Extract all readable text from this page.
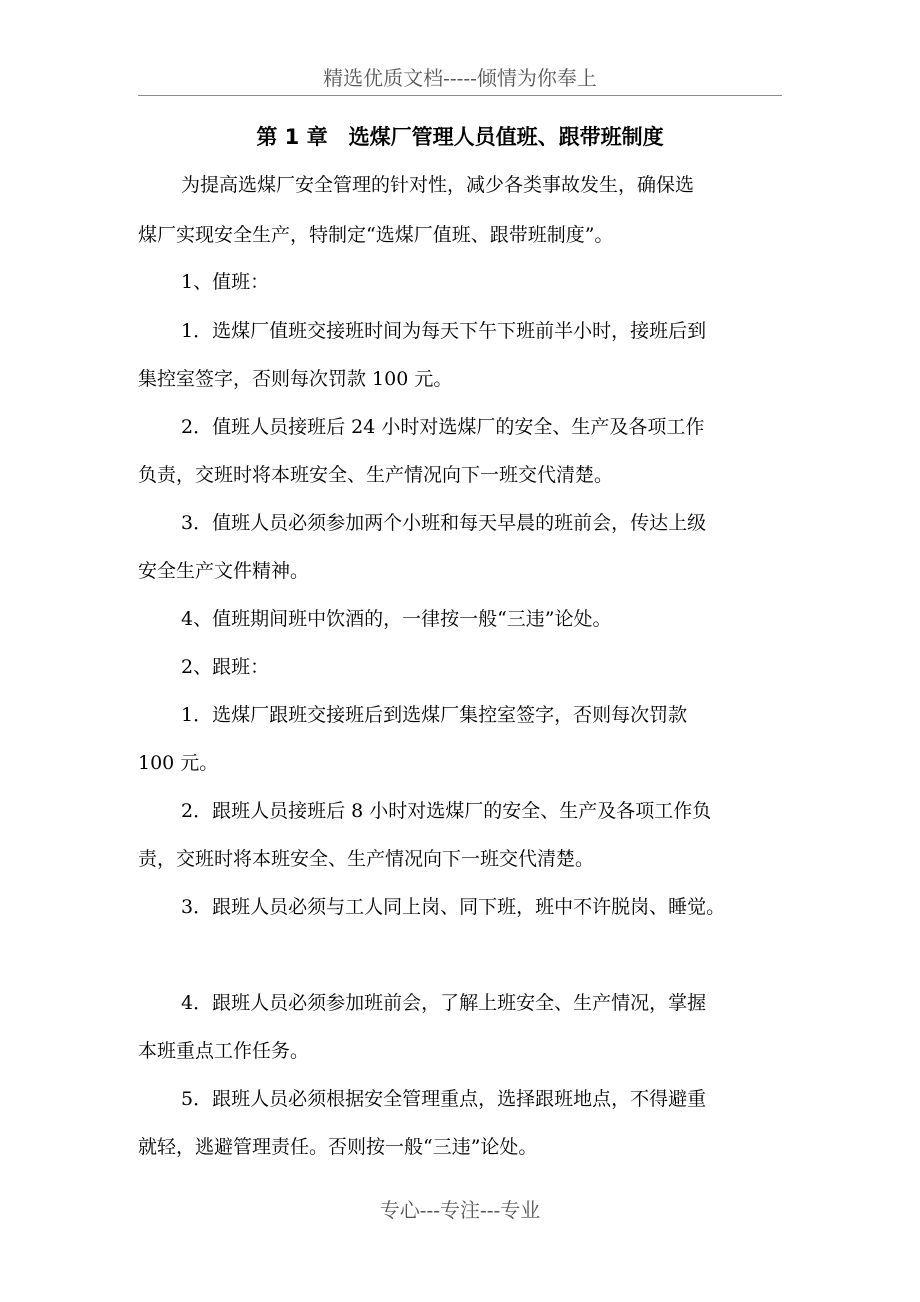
精选优质文档-----倾情为你奉上
第 1 章　选煤厂管理人员值班、跟带班制度
为提高选煤厂安全管理的针对性，减少各类事故发生，确保选
煤厂实现安全生产，特制定“选煤厂值班、跟带班制度”。
1、值班：
1．选煤厂值班交接班时间为每天下午下班前半小时，接班后到
集控室签字，否则每次罚款 100 元。
2．值班人员接班后 24 小时对选煤厂的安全、生产及各项工作
负责，交班时将本班安全、生产情况向下一班交代清楚。
3．值班人员必须参加两个小班和每天早晨的班前会，传达上级
安全生产文件精神。
4、值班期间班中饮酒的，一律按一般“三违”论处。
2、跟班：
1．选煤厂跟班交接班后到选煤厂集控室签字，否则每次罚款
100 元。
2．跟班人员接班后 8 小时对选煤厂的安全、生产及各项工作负
责，交班时将本班安全、生产情况向下一班交代清楚。
3．跟班人员必须与工人同上岗、同下班，班中不许脱岗、睡觉。
4．跟班人员必须参加班前会，了解上班安全、生产情况，掌握
本班重点工作任务。
5．跟班人员必须根据安全管理重点，选择跟班地点，不得避重
就轻，逃避管理责任。否则按一般“三违”论处。
专心---专注---专业
